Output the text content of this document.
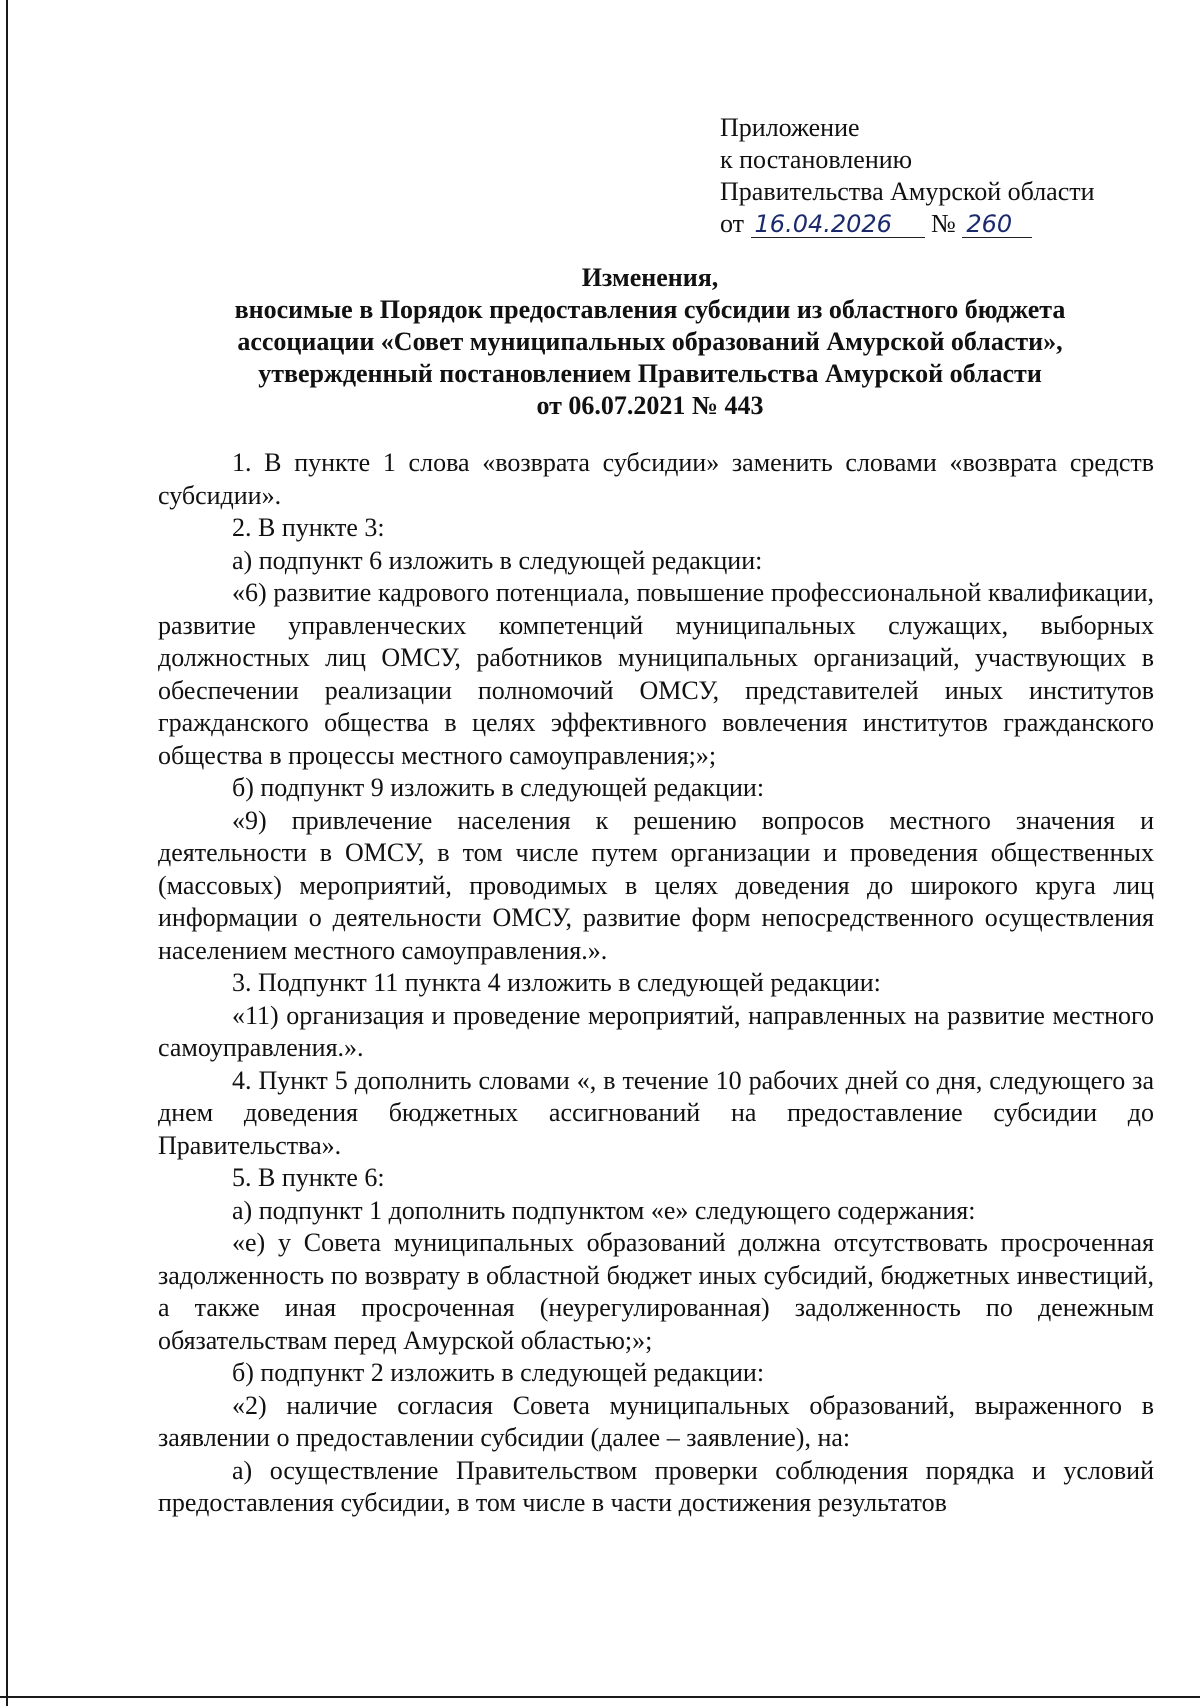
Приложение
к постановлению
Правительства Амурской области
от 16.04.2026 № 260
Изменения,
вносимые в Порядок предоставления субсидии из областного бюджета
ассоциации «Совет муниципальных образований Амурской области»,
утвержденный постановлением Правительства Амурской области
от 06.07.2021 № 443

1. В пункте 1 слова «возврата субсидии» заменить словами «возврата средств субсидии».

2. В пункте 3:

а) подпункт 6 изложить в следующей редакции:

«6) развитие кадрового потенциала, повышение профессиональной квалификации, развитие управленческих компетенций муниципальных служащих, выборных должностных лиц ОМСУ, работников муниципальных организаций, участвующих в обеспечении реализации полномочий ОМСУ, представителей иных институтов гражданского общества в целях эффективного вовлечения институтов гражданского общества в процессы местного самоуправления;»;

б) подпункт 9 изложить в следующей редакции:

«9) привлечение населения к решению вопросов местного значения и деятельности в ОМСУ, в том числе путем организации и проведения общественных (массовых) мероприятий, проводимых в целях доведения до широкого круга лиц информации о деятельности ОМСУ, развитие форм непосредственного осуществления населением местного самоуправления.».

3. Подпункт 11 пункта 4 изложить в следующей редакции:

«11) организация и проведение мероприятий, направленных на развитие местного самоуправления.».

4. Пункт 5 дополнить словами «, в течение 10 рабочих дней со дня, следующего за днем доведения бюджетных ассигнований на предоставление субсидии до Правительства».

5. В пункте 6:

а) подпункт 1 дополнить подпунктом «е» следующего содержания:

«е) у Совета муниципальных образований должна отсутствовать просроченная задолженность по возврату в областной бюджет иных субсидий, бюджетных инвестиций, а также иная просроченная (неурегулированная) задолженность по денежным обязательствам перед Амурской областью;»;

б) подпункт 2 изложить в следующей редакции:

«2) наличие согласия Совета муниципальных образований, выраженного в заявлении о предоставлении субсидии (далее – заявление), на:

а) осуществление Правительством проверки соблюдения порядка и условий предоставления субсидии, в том числе в части достижения результатов
